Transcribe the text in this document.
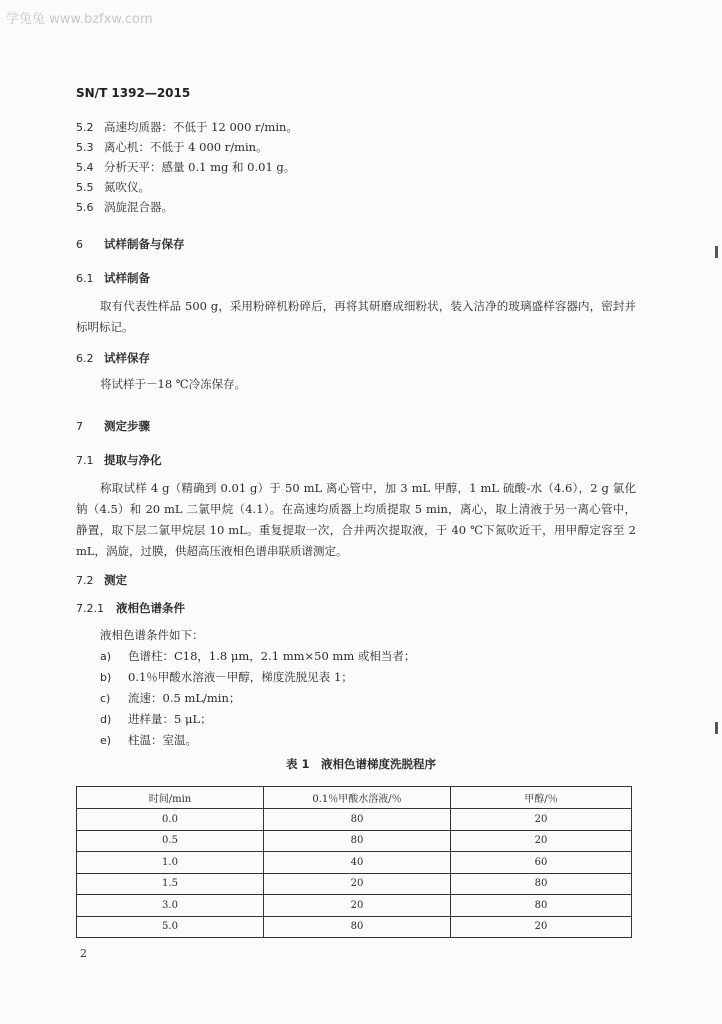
学兔兔 www.bzfxw.com
SN/T 1392—2015
5.2 高速均质器：不低于 12 000 r/min。
5.3 离心机：不低于 4 000 r/min。
5.4 分析天平：感量 0.1 mg 和 0.01 g。
5.5 氮吹仪。
5.6 涡旋混合器。
6 试样制备与保存
6.1 试样制备
取有代表性样品 500 g，采用粉碎机粉碎后，再将其研磨成细粉状，装入洁净的玻璃盛样容器内，密封并标明标记。
6.2 试样保存
将试样于－18 ℃冷冻保存。
7 测定步骤
7.1 提取与净化
称取试样 4 g（精确到 0.01 g）于 50 mL 离心管中，加 3 mL 甲醇，1 mL 硫酸-水（4.6），2 g 氯化钠（4.5）和 20 mL 二氯甲烷（4.1）。在高速均质器上均质提取 5 min，离心，取上清液于另一离心管中，静置，取下层二氯甲烷层 10 mL。重复提取一次，合并两次提取液，于 40 ℃下氮吹近干，用甲醇定容至 2 mL，涡旋，过膜，供超高压液相色谱串联质谱测定。
7.2 测定
7.2.1 液相色谱条件
液相色谱条件如下：
a) 色谱柱：C18，1.8 μm，2.1 mm×50 mm 或相当者；
b) 0.1％甲酸水溶液－甲醇，梯度洗脱见表 1；
c) 流速：0.5 mL/min；
d) 进样量：5 μL；
e) 柱温：室温。
表 1　液相色谱梯度洗脱程序
时间/min	0.1％甲酸水溶液/％	甲醇/％
0.0	80	20
0.5	80	20
1.0	40	60
1.5	20	80
3.0	20	80
5.0	80	20
2
